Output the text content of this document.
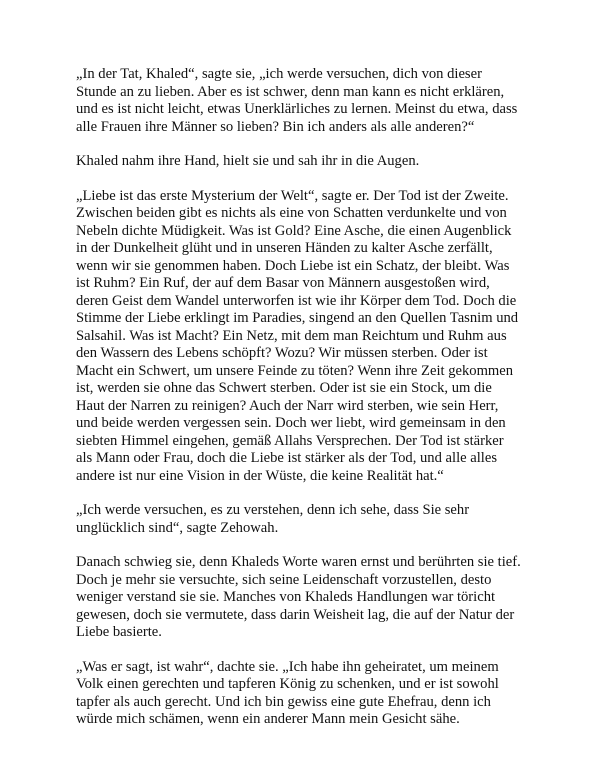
„In der Tat, Khaled“, sagte sie, „ich werde versuchen, dich von dieser
Stunde an zu lieben. Aber es ist schwer, denn man kann es nicht erklären,
und es ist nicht leicht, etwas Unerklärliches zu lernen. Meinst du etwa, dass
alle Frauen ihre Männer so lieben? Bin ich anders als alle anderen?“

Khaled nahm ihre Hand, hielt sie und sah ihr in die Augen.

„Liebe ist das erste Mysterium der Welt“, sagte er. Der Tod ist der Zweite.
Zwischen beiden gibt es nichts als eine von Schatten verdunkelte und von
Nebeln dichte Müdigkeit. Was ist Gold? Eine Asche, die einen Augenblick
in der Dunkelheit glüht und in unseren Händen zu kalter Asche zerfällt,
wenn wir sie genommen haben. Doch Liebe ist ein Schatz, der bleibt. Was
ist Ruhm? Ein Ruf, der auf dem Basar von Männern ausgestoßen wird,
deren Geist dem Wandel unterworfen ist wie ihr Körper dem Tod. Doch die
Stimme der Liebe erklingt im Paradies, singend an den Quellen Tasnim und
Salsahil. Was ist Macht? Ein Netz, mit dem man Reichtum und Ruhm aus
den Wassern des Lebens schöpft? Wozu? Wir müssen sterben. Oder ist
Macht ein Schwert, um unsere Feinde zu töten? Wenn ihre Zeit gekommen
ist, werden sie ohne das Schwert sterben. Oder ist sie ein Stock, um die
Haut der Narren zu reinigen? Auch der Narr wird sterben, wie sein Herr,
und beide werden vergessen sein. Doch wer liebt, wird gemeinsam in den
siebten Himmel eingehen, gemäß Allahs Versprechen. Der Tod ist stärker
als Mann oder Frau, doch die Liebe ist stärker als der Tod, und alle alles
andere ist nur eine Vision in der Wüste, die keine Realität hat.“

„Ich werde versuchen, es zu verstehen, denn ich sehe, dass Sie sehr
unglücklich sind“, sagte Zehowah.

Danach schwieg sie, denn Khaleds Worte waren ernst und berührten sie tief.
Doch je mehr sie versuchte, sich seine Leidenschaft vorzustellen, desto
weniger verstand sie sie. Manches von Khaleds Handlungen war töricht
gewesen, doch sie vermutete, dass darin Weisheit lag, die auf der Natur der
Liebe basierte.

„Was er sagt, ist wahr“, dachte sie. „Ich habe ihn geheiratet, um meinem
Volk einen gerechten und tapferen König zu schenken, und er ist sowohl
tapfer als auch gerecht. Und ich bin gewiss eine gute Ehefrau, denn ich
würde mich schämen, wenn ein anderer Mann mein Gesicht sähe.
